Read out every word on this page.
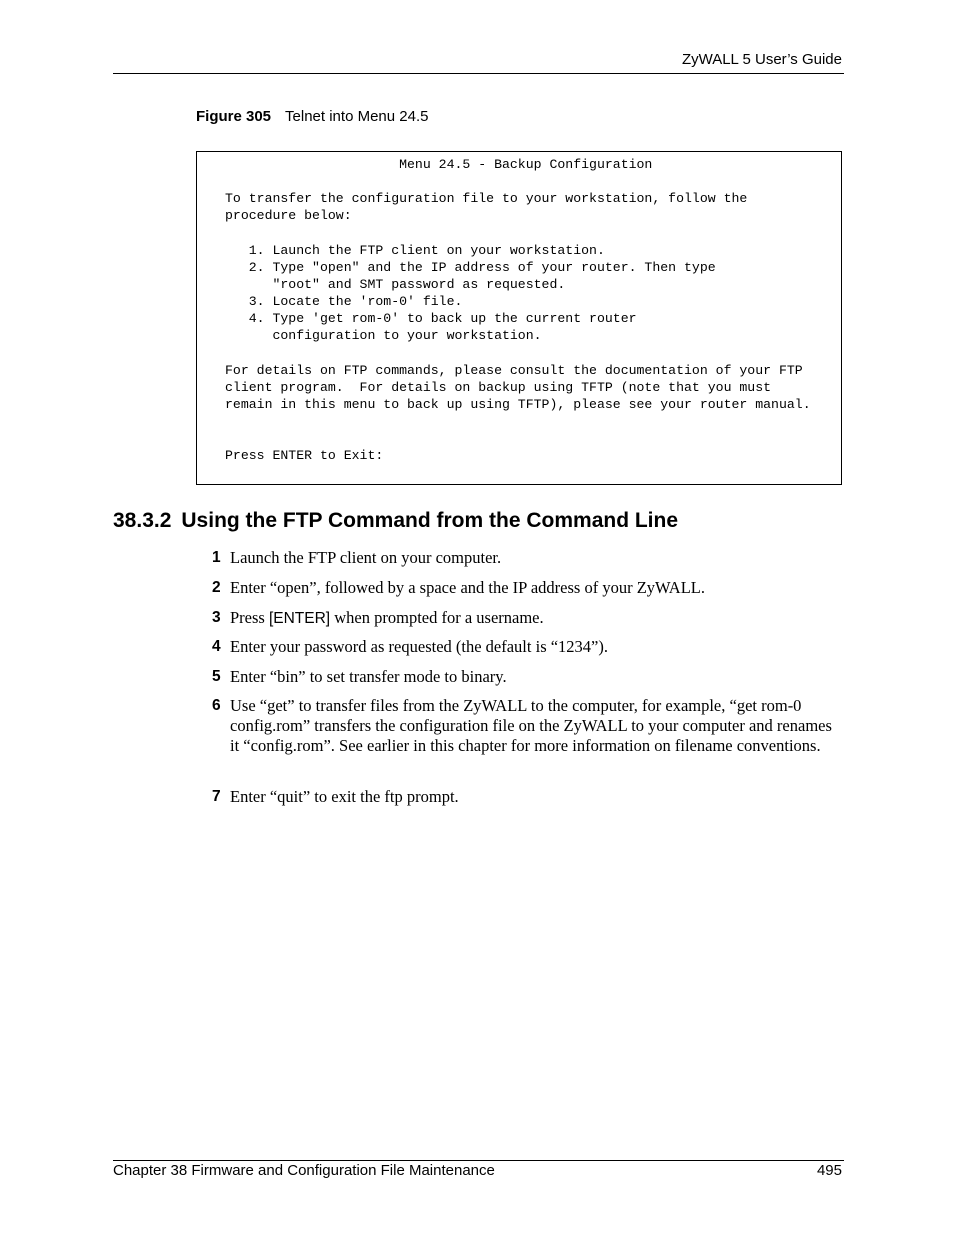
ZyWALL 5 User’s Guide
Figure 305 Telnet into Menu 24.5
Menu 24.5 - Backup Configuration
To transfer the configuration file to your workstation, follow the
procedure below:
1. Launch the FTP client on your workstation.
2. Type "open" and the IP address of your router. Then type
"root" and SMT password as requested.
3. Locate the 'rom-0' file.
4. Type 'get rom-0' to back up the current router
configuration to your workstation.
For details on FTP commands, please consult the documentation of your FTP
client program.  For details on backup using TFTP (note that you must
remain in this menu to back up using TFTP), please see your router manual.
Press ENTER to Exit:
38.3.2 Using the FTP Command from the Command Line
1 Launch the FTP client on your computer.
2 Enter “open”, followed by a space and the IP address of your ZyWALL.
3 Press [ENTER] when prompted for a username.
4 Enter your password as requested (the default is “1234”).
5 Enter “bin” to set transfer mode to binary.
6 Use “get” to transfer files from the ZyWALL to the computer, for example, “get rom-0 config.rom” transfers the configuration file on the ZyWALL to your computer and renames it “config.rom”. See earlier in this chapter for more information on filename conventions.
7 Enter “quit” to exit the ftp prompt.
Chapter 38 Firmware and Configuration File Maintenance	495
